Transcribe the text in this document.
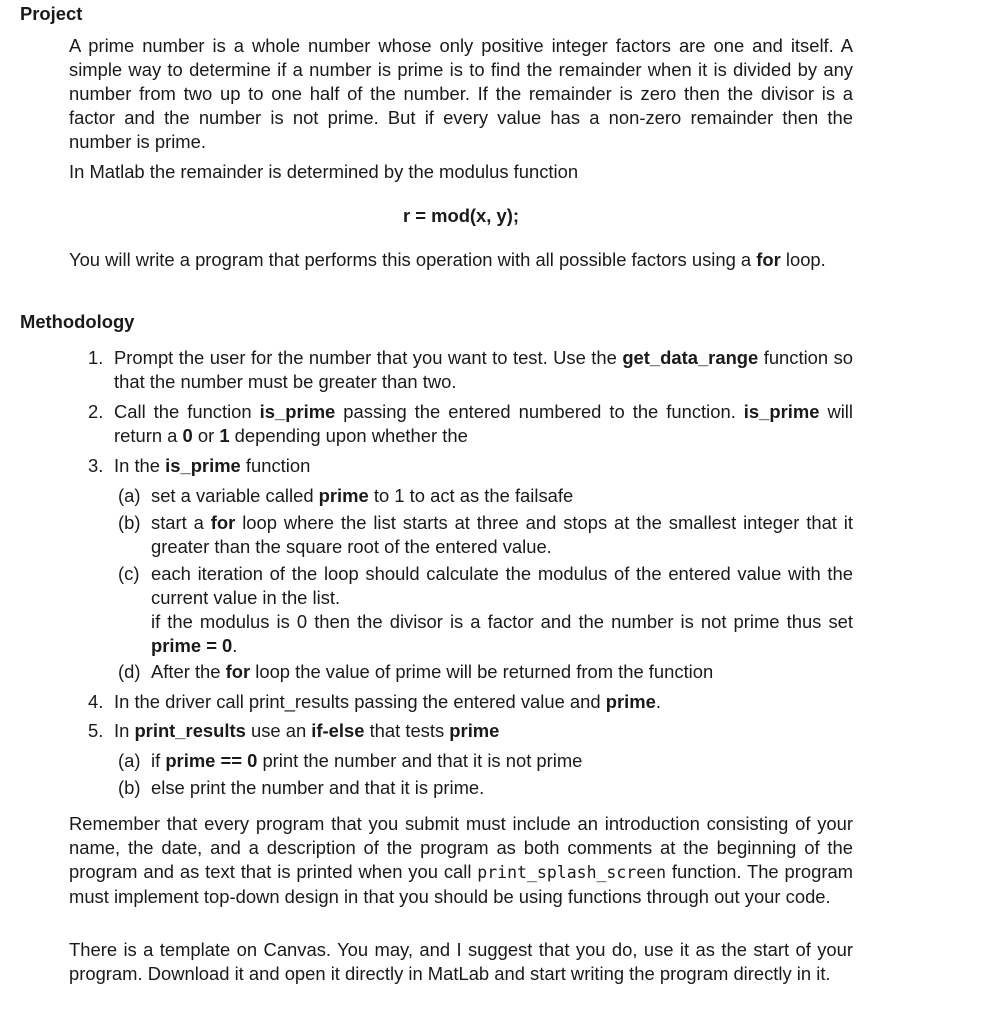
Project

A prime number is a whole number whose only positive integer factors are one and itself. A simple way to determine if a number is prime is to find the remainder when it is divided by any number from two up to one half of the number. If the remainder is zero then the divisor is a factor and the number is not prime. But if every value has a non-zero remainder then the number is prime.

In Matlab the remainder is determined by the modulus function
r = mod(x, y);

You will write a program that performs this operation with all possible factors using a for loop.

Methodology
1. Prompt the user for the number that you want to test. Use the get_data_range function so that the number must be greater than two.
2. Call the function is_prime passing the entered numbered to the function. is_prime will return a 0 or 1 depending upon whether the
3. In the is_prime function
(a) set a variable called prime to 1 to act as the failsafe
(b) start a for loop where the list starts at three and stops at the smallest integer that it greater than the square root of the entered value.
(c) each iteration of the loop should calculate the modulus of the entered value with the current value in the list.
if the modulus is 0 then the divisor is a factor and the number is not prime thus set prime = 0.
(d) After the for loop the value of prime will be returned from the function
4. In the driver call print_results passing the entered value and prime.
5. In print_results use an if-else that tests prime
(a) if prime == 0 print the number and that it is not prime
(b) else print the number and that it is prime.

Remember that every program that you submit must include an introduction consisting of your name, the date, and a description of the program as both comments at the beginning of the program and as text that is printed when you call print_splash_screen function. The program must implement top-down design in that you should be using functions through out your code.

There is a template on Canvas. You may, and I suggest that you do, use it as the start of your program. Download it and open it directly in MatLab and start writing the program directly in it.
